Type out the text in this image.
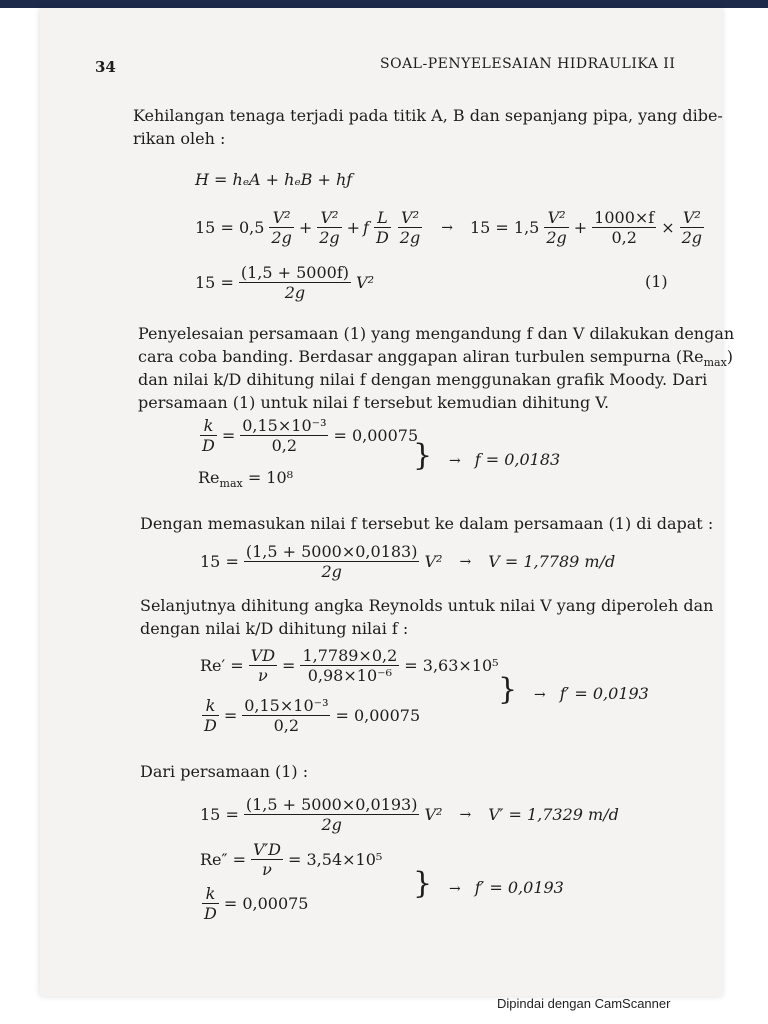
34	SOAL-PENYELESAIAN HIDRAULIKA II
Kehilangan tenaga terjadi pada titik A, B dan sepanjang pipa, yang dibe-
rikan oleh :
H = hₑA + hₑB + hƒ
$15 = 0,5 \frac{\text{V²}}{2g} + \frac{\text{V²}}{2g} + f \frac{L}{D} \frac{\text{V²}}{2g} \to 15 = 1,5 \frac{\text{V²}}{2g} + \frac{1000\times f}{0,2} \times \frac{\text{V²}}{2g}$
$15 = \frac{(1,5 + 5000f)}{2g} V^2$	(1)
Penyelesaian persamaan (1) yang mengandung f dan V dilakukan dengan
cara coba banding. Berdasar anggapan aliran turbulen sempurna $(Re_{max})$
dan nilai k/D dihitung nilai f dengan menggunakan grafik Moody. Dari
persamaan (1) untuk nilai f tersebut kemudian dihitung V.
$\frac{k}{D} = \frac{\text{0,15×10⁻³}}{0,2} = 0,00075$
$Re_{max} = 10^8$
}	→ f = 0,0183
Dengan memasukan nilai f tersebut ke dalam persamaan (1) di dapat :
$15 = \frac{(1,5 + 5000\times 0,0183)}{2g} V^2 \to V = 1,7789$ m/d
Selanjutnya dihitung angka Reynolds untuk nilai V yang diperoleh dan
dengan nilai k/D dihitung nilai f :
$Re' = \frac{VD}{\nu} = \frac{1,7789\times 0,2}{\text{0,98×10⁻⁶}} = 3,63\times 10^5$
$\frac{k}{D} = \frac{\text{0,15×10⁻³}}{0,2} = 0,00075$
}	→ f′ = 0,0193
Dari persamaan (1) :
$15 = \frac{(1,5 + 5000\times 0,0193)}{2g} V^2 \to V' = 1,7329$ m/d
$Re'' = \frac{V'D}{\nu} = 3,54\times 10^5$
$\frac{k}{D} = 0,00075$
}	→ f′ = 0,0193
Dipindai dengan CamScanner
